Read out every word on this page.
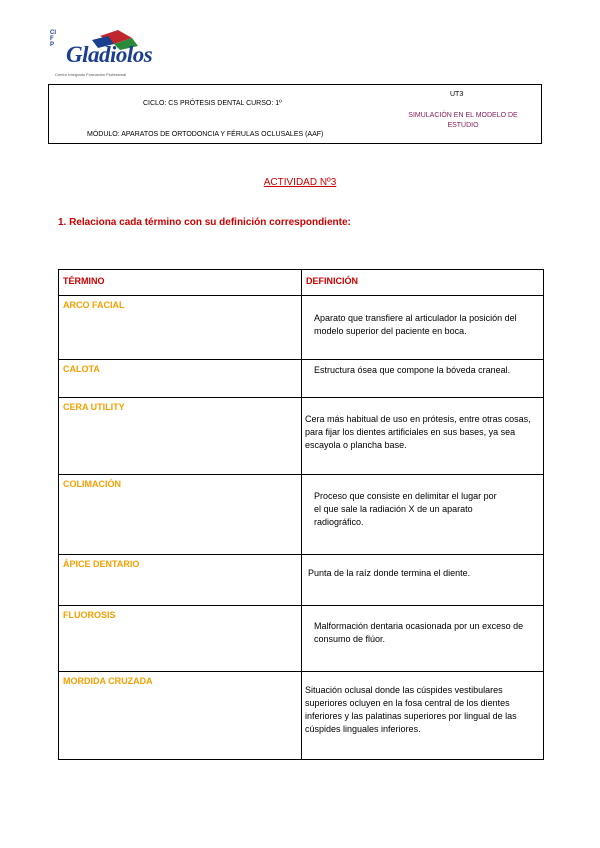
CIFP Gladiolos
Centro Integrado Formación Profesional
UT3
CICLO: CS PRÓTESIS DENTAL CURSO: 1º
SIMULACIÓN EN EL MODELO DE ESTUDIO
MÓDULO: APARATOS DE ORTODONCIA Y FÉRULAS OCLUSALES (AAF)
ACTIVIDAD Nº3
1. Relaciona cada término con su definición correspondiente:
TÉRMINO	DEFINICIÓN

ARCO FACIAL	Aparato que transfiere al articulador la posición del modelo superior del paciente en boca.

CALOTA	Estructura ósea que compone la bóveda craneal.

CERA UTILITY	Cera más habitual de uso en prótesis, entre otras cosas, para fijar los dientes artificiales en sus bases, ya sea escayola o plancha base.

COLIMACIÓN	Proceso que consiste en delimitar el lugar por el que sale la radiación X de un aparato radiográfico.

ÁPICE DENTARIO	Punta de la raíz donde termina el diente.

FLUOROSIS	Malformación dentaria ocasionada por un exceso de consumo de flúor.

MORDIDA CRUZADA	Situación oclusal donde las cúspides vestibulares superiores ocluyen en la fosa central de los dientes inferiores y las palatinas superiores por lingual de las cúspides linguales inferiores.
